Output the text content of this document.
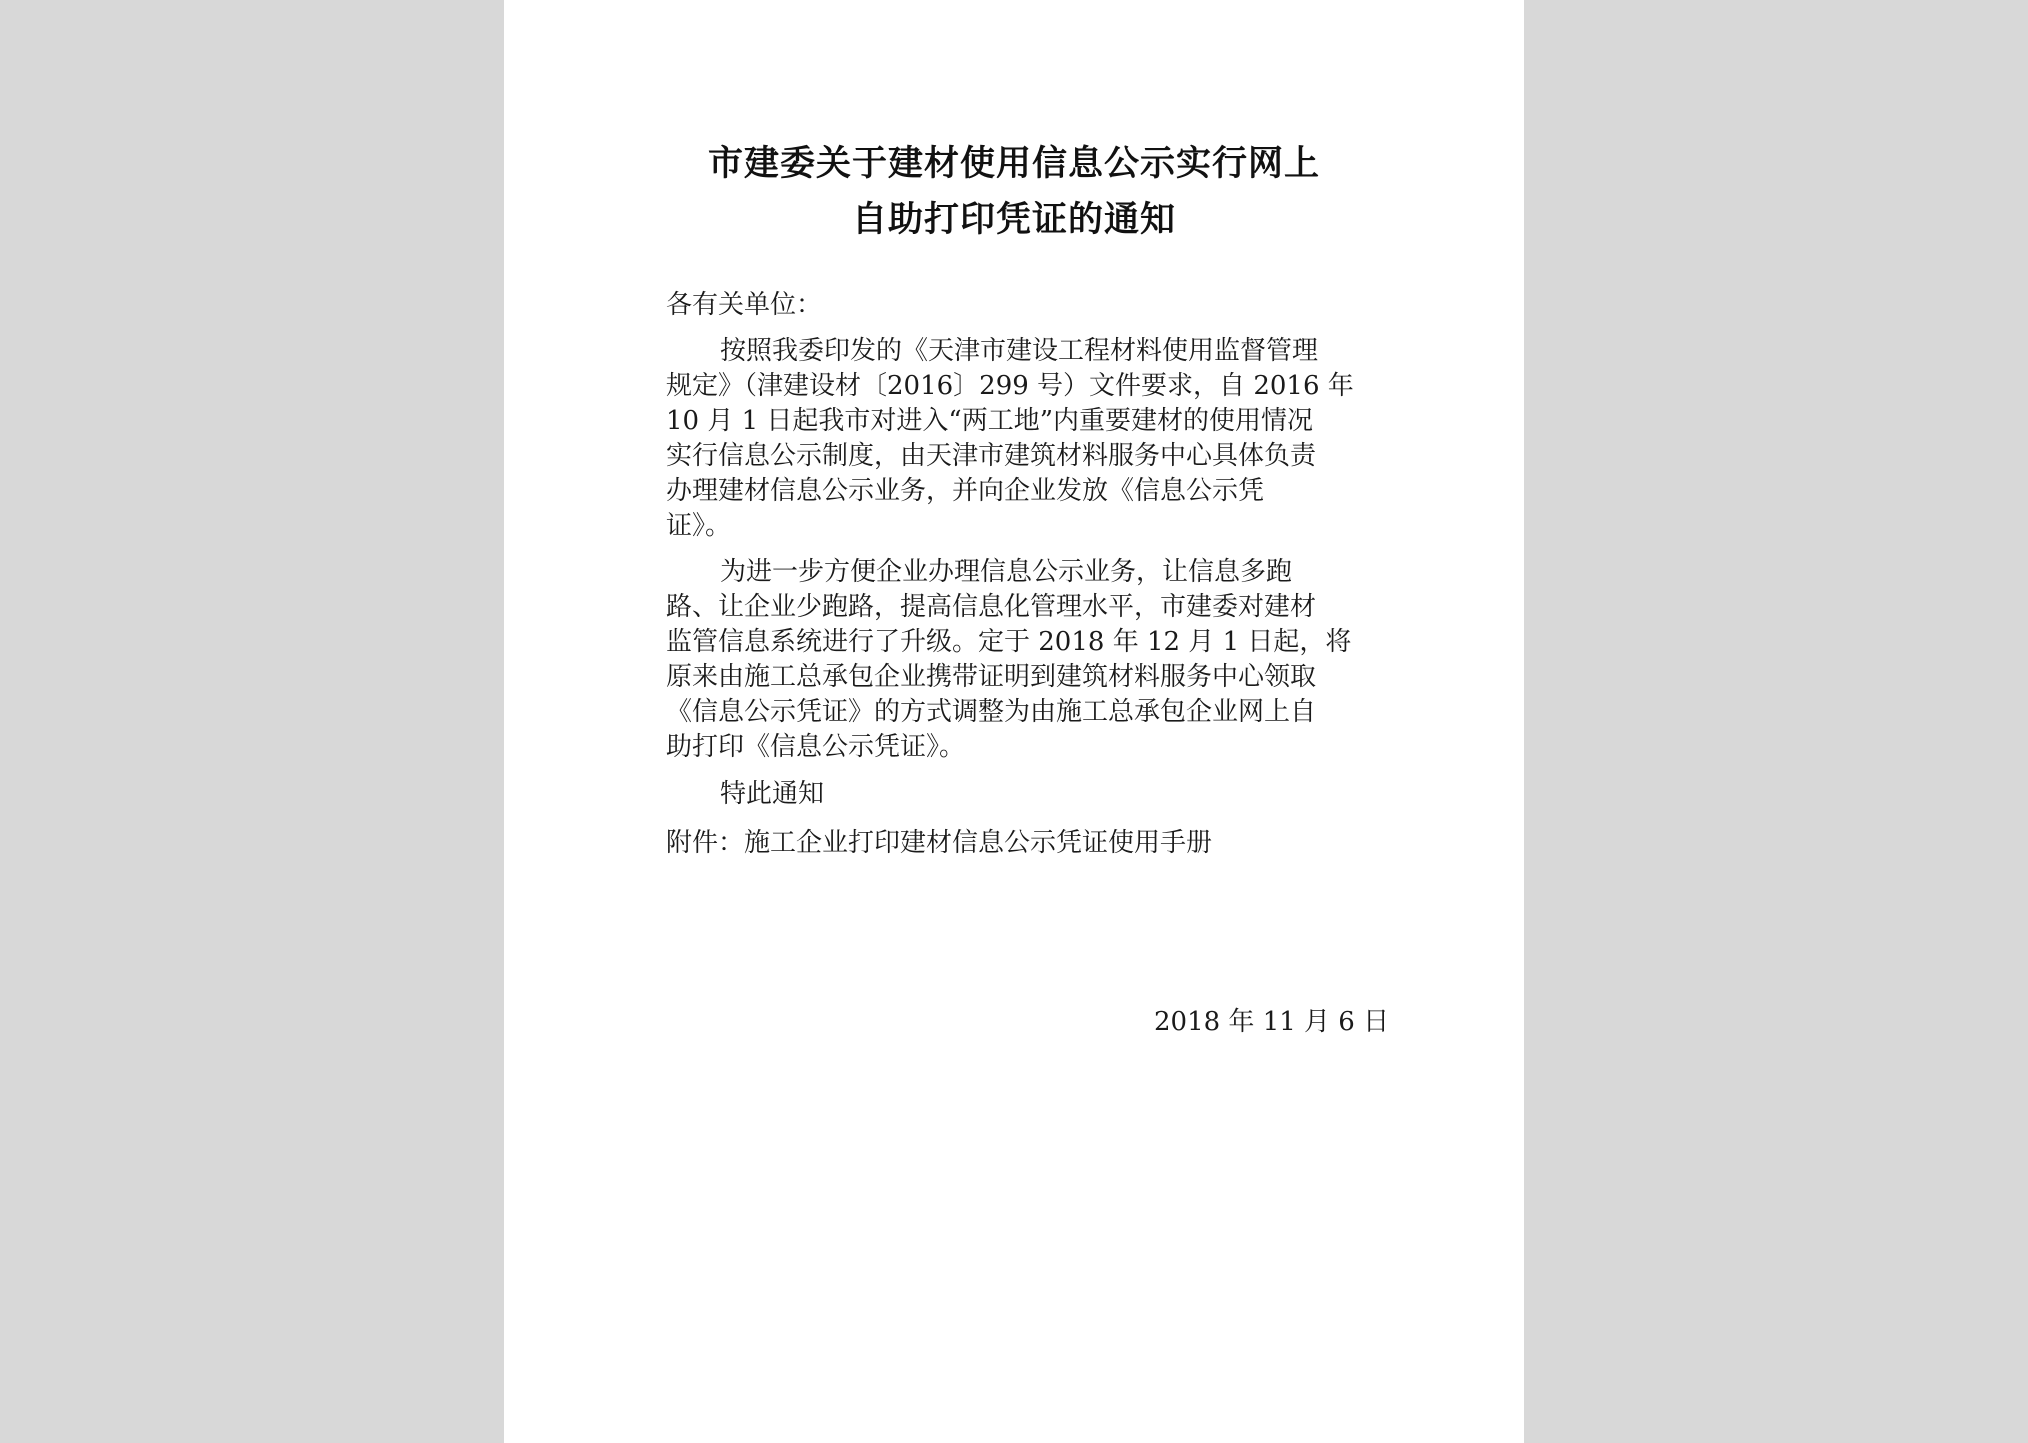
市建委关于建材使用信息公示实行网上
自助打印凭证的通知
各有关单位：
按照我委印发的《天津市建设工程材料使用监督管理
规定》（津建设材〔2016〕299 号）文件要求，自 2016 年
10 月 1 日起我市对进入“两工地”内重要建材的使用情况
实行信息公示制度，由天津市建筑材料服务中心具体负责
办理建材信息公示业务，并向企业发放《信息公示凭
证》。
为进一步方便企业办理信息公示业务，让信息多跑
路、让企业少跑路，提高信息化管理水平，市建委对建材
监管信息系统进行了升级。定于 2018 年 12 月 1 日起，将
原来由施工总承包企业携带证明到建筑材料服务中心领取
《信息公示凭证》的方式调整为由施工总承包企业网上自
助打印《信息公示凭证》。
特此通知
附件：施工企业打印建材信息公示凭证使用手册
2018 年 11 月 6 日
